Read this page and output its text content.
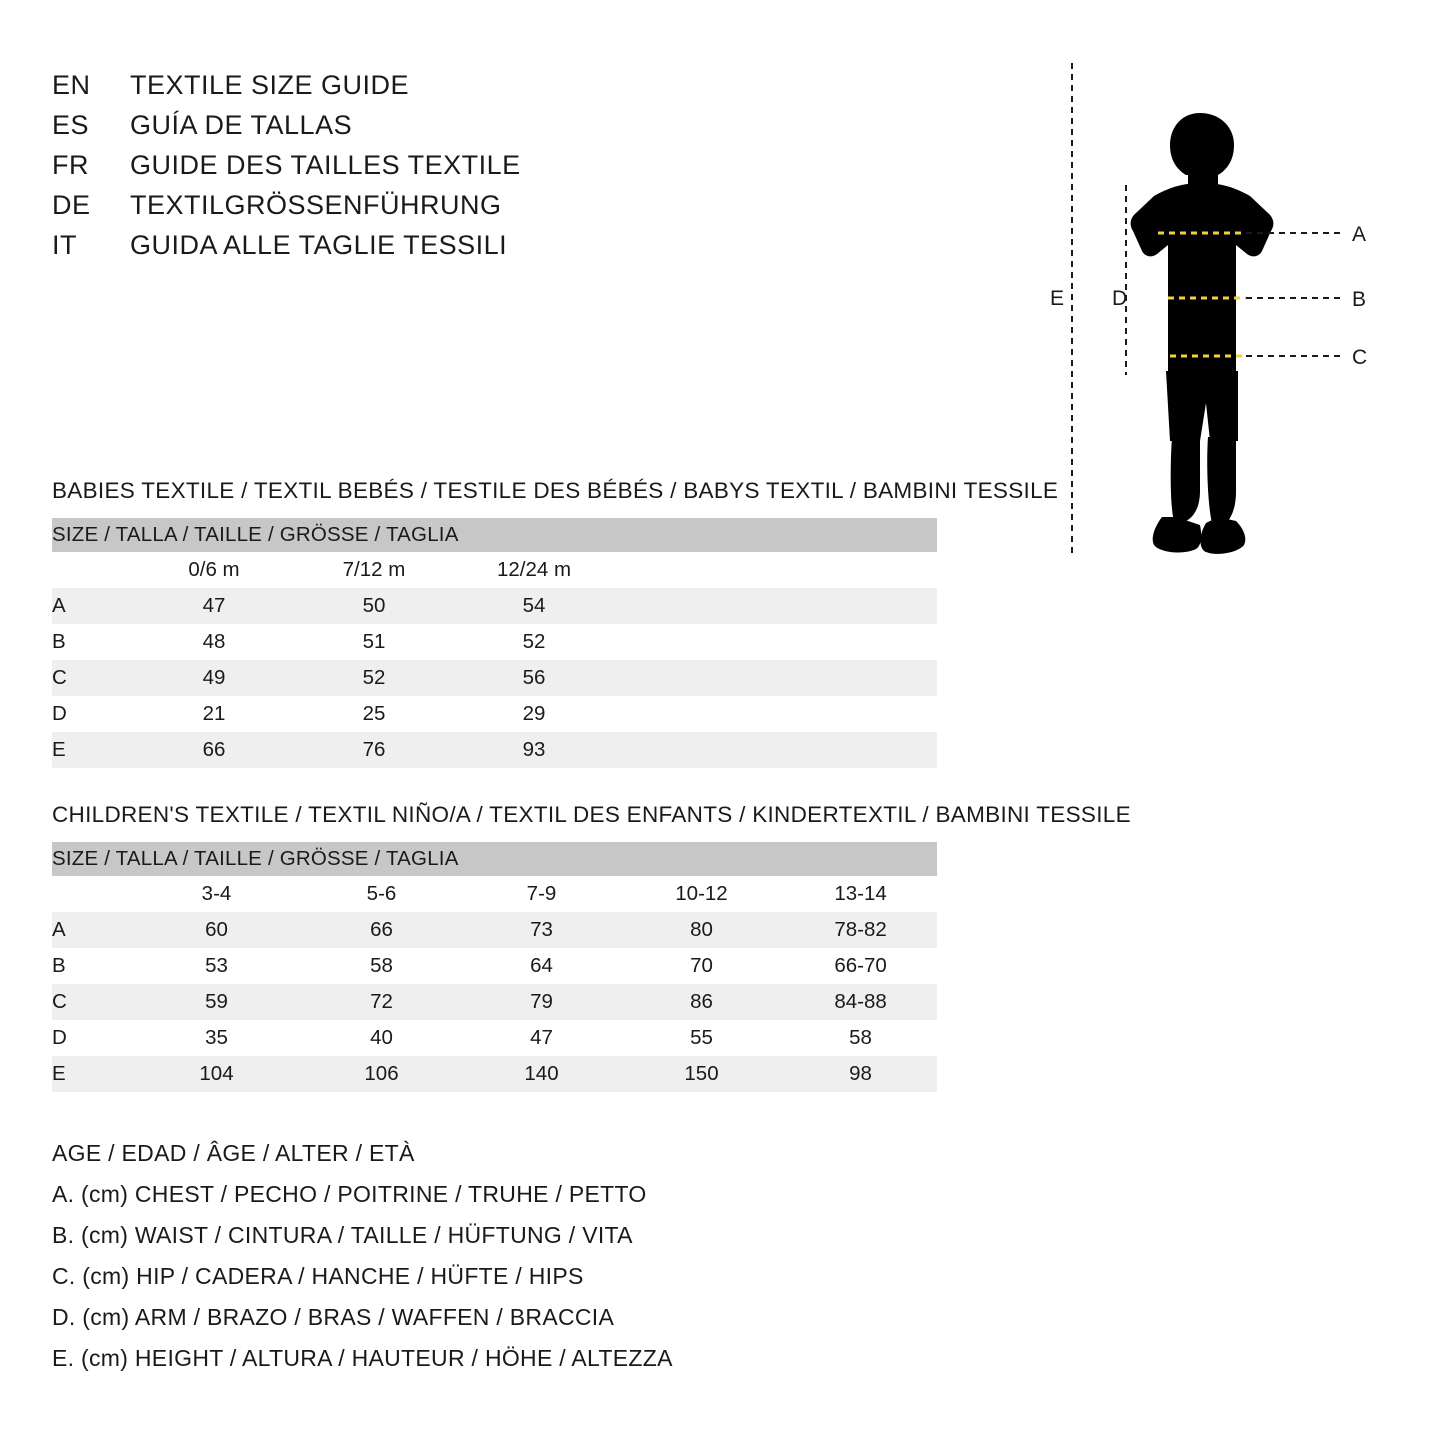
EN	TEXTILE SIZE GUIDE
ES	GUÍA DE TALLAS
FR	GUIDE DES TAILLES TEXTILE
DE	TEXTILGRÖSSENFÜHRUNG
IT	GUIDA ALLE TAGLIE TESSILI	A
B
C
D
E
BABIES TEXTILE / TEXTIL BEBÉS / TESTILE DES BÉBÉS / BABYS TEXTIL / BAMBINI TESSILE
SIZE / TALLA / TAILLE / GRÖSSE / TAGLIA				
	0/6 m	7/12 m	12/24 m	
A	47	50	54	
B	48	51	52	
C	49	52	56	
D	21	25	29	
E	66	76	93	
CHILDREN'S TEXTILE / TEXTIL NIÑO/A / TEXTIL DES ENFANTS / KINDERTEXTIL / BAMBINI TESSILE
SIZE / TALLA / TAILLE / GRÖSSE / TAGLIA					
	3-4	5-6	7-9	10-12	13-14
A	60	66	73	80	78-82
B	53	58	64	70	66-70
C	59	72	79	86	84-88
D	35	40	47	55	58
E	104	106	140	150	98
AGE / EDAD / ÂGE / ALTER / ETÀ
A. (cm) CHEST / PECHO / POITRINE / TRUHE / PETTO
B. (cm) WAIST / CINTURA / TAILLE / HÜFTUNG / VITA
C. (cm) HIP / CADERA / HANCHE / HÜFTE / HIPS
D. (cm) ARM / BRAZO / BRAS / WAFFEN / BRACCIA
E. (cm) HEIGHT / ALTURA / HAUTEUR / HÖHE / ALTEZZA
